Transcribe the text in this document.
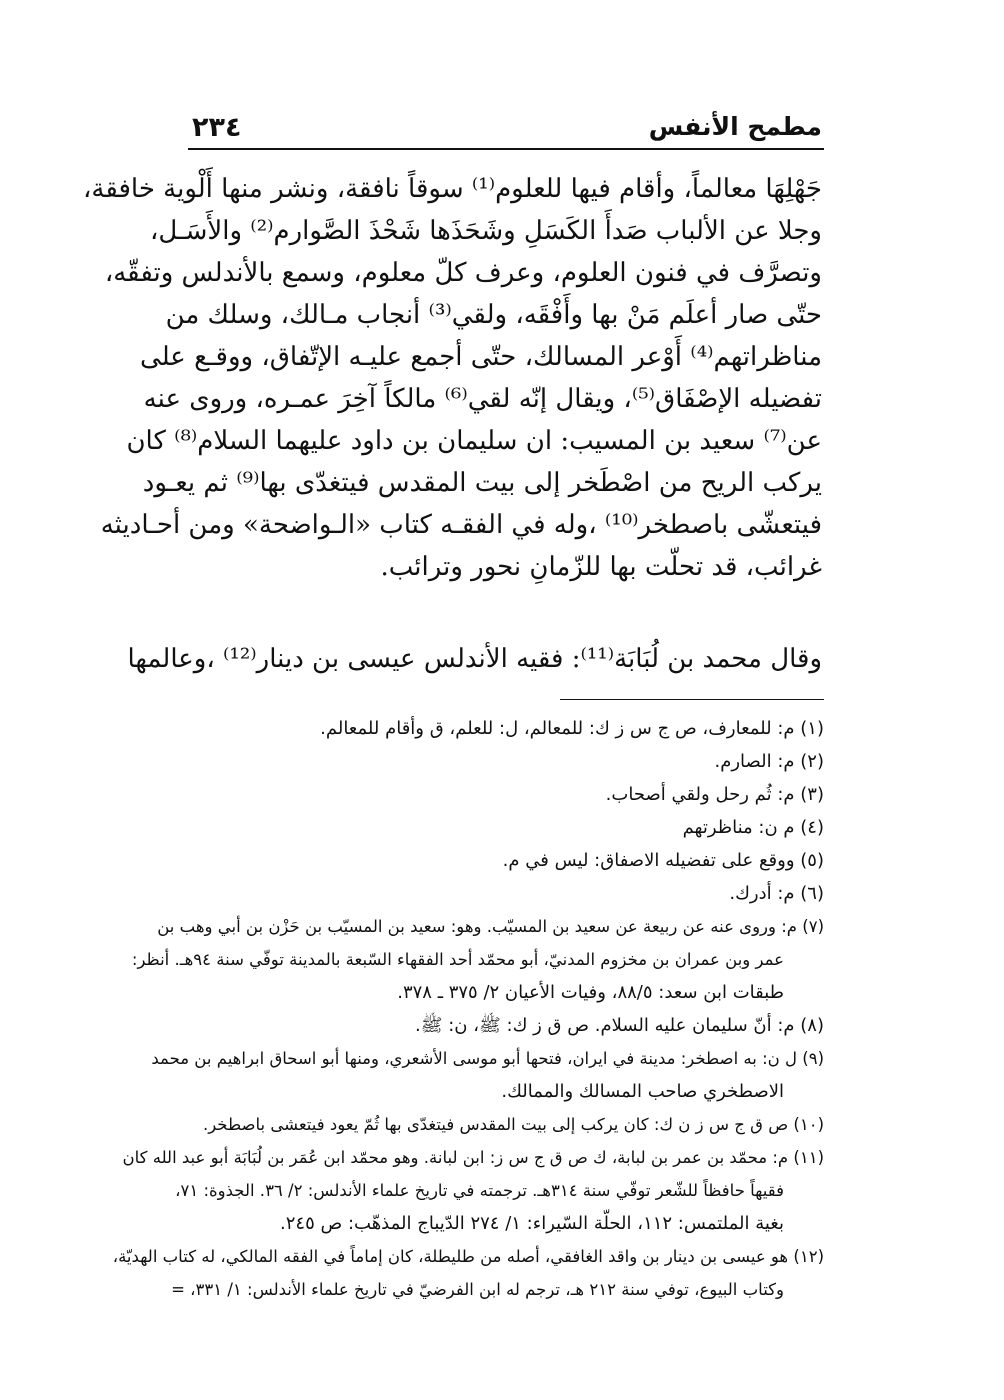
مطمح الأنفس
٢٣٤
جَهْلِهَا معالماً، وأقام فيها للعلوم⁽¹⁾ سوقاً نافقة، ونشر منها أَلْوية خافقة،
وجلا عن الألباب صَدأَ الكَسَلِ وشَحَذَها شَحْذَ الصَّوارم⁽²⁾ والأَسَـل،
وتصرَّف في فنون العلوم، وعرف كلّ معلوم، وسمع بالأندلس وتفقّه،
حتّى صار أعلَم مَنْ بها وأَفْقَه، ولقي⁽³⁾ أنجاب مـالك، وسلك من
مناظراتهم⁽⁴⁾ أَوْعر المسالك، حتّى أجمع عليـه الإتّفاق، ووقـع على
تفضيله الإصْفَاق⁽⁵⁾، ويقال إنّه لقي⁽⁶⁾ مالكاً آخِرَ عمـره، وروى عنه
عن⁽⁷⁾ سعيد بن المسيب: ان سليمان بن داود عليهما السلام⁽⁸⁾ كان
يركب الريح من اصْطَخر إلى بيت المقدس فيتغدّى بها⁽⁹⁾ ثم يعـود
فيتعشّى باصطخر⁽¹⁰⁾ ،وله في الفقـه كتاب «الـواضحة» ومن أحـاديثه
غرائب، قد تحلّت بها للزّمانِ نحور وترائب.
وقال محمد بن لُبَابَة⁽¹¹⁾: فقيه الأندلس عيسى بن دينار⁽¹²⁾ ،وعالمها
(١) م: للمعارف، ص ج س ز ك: للمعالم، ل: للعلم، ق وأقام للمعالم.
(٢) م: الصارم.
(٣) م: ثُم رحل ولقي أصحاب.
(٤) م ن: مناظرتهم
(٥) ووقع على تفضيله الاصفاق: ليس في م.
(٦) م: أدرك.
(٧) م: وروى عنه عن ربيعة عن سعيد بن المسيّب. وهو: سعيد بن المسيّب بن حَزْن بن أبي وهب بن
عمر وبن عمران بن مخزوم المدنيّ، أبو محمّد أحد الفقهاء السّبعة بالمدينة توفّي سنة ٩٤هـ. أنظر:
طبقات ابن سعد: ٨٨/٥، وفيات الأعيان ٢/ ٣٧٥ ـ ٣٧٨.
(٨) م: أنّ سليمان عليه السلام. ص ق ز ك: ﷺ، ن: ﷺ.
(٩) ل ن: به اصطخر: مدينة في ايران، فتحها أبو موسى الأشعري، ومنها أبو اسحاق ابراهيم بن محمد
الاصطخري صاحب المسالك والممالك.
(١٠) ص ق ج س ز ن ك: كان يركب إلى بيت المقدس فيتغدّى بها ثُمّ يعود فيتعشى باصطخر.
(١١) م: محمّد بن عمر بن لبابة، ك ص ق ج س ز: ابن لبانة. وهو محمّد ابن عُمَر بن لُبَابَة أبو عبد الله كان
فقيهاً حافظاً للشّعر توفّي سنة ٣١٤هـ. ترجمته في تاريخ علماء الأندلس: ٢/ ٣٦. الجذوة: ٧١،
بغية الملتمس: ١١٢، الحلّة السّيراء: ١/ ٢٧٤ الدّيباج المذهّب: ص ٢٤٥.
(١٢) هو عيسى بن دينار بن واقد الغافقي، أصله من طليطلة، كان إماماً في الفقه المالكي، له كتاب الهديّة،
وكتاب البيوع، توفي سنة ٢١٢ هـ، ترجم له ابن الفرضيّ في تاريخ علماء الأندلس: ١/ ٣٣١، =
